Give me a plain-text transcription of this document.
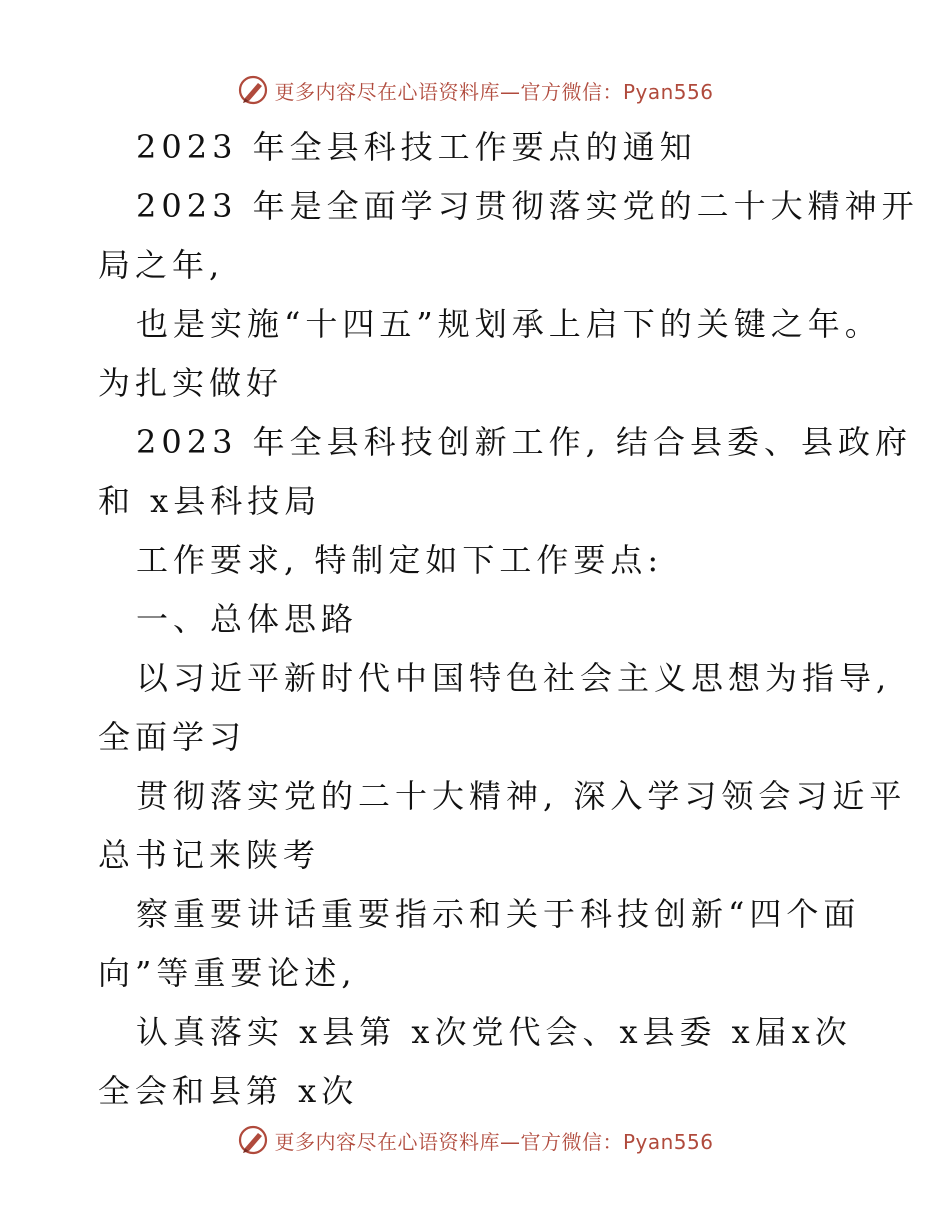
更多内容尽在心语资料库—官方微信：Pyan556
2023 年全县科技工作要点的通知
2023 年是全面学习贯彻落实党的二十大精神开
局之年,
也是实施“十四五”规划承上启下的关键之年。
为扎实做好
2023 年全县科技创新工作, 结合县委、县政府
和 x县科技局
工作要求, 特制定如下工作要点:
一、总体思路
以习近平新时代中国特色社会主义思想为指导,
全面学习
贯彻落实党的二十大精神, 深入学习领会习近平
总书记来陕考
察重要讲话重要指示和关于科技创新“四个面
向”等重要论述,
认真落实 x县第 x次党代会、x县委 x届x次
全会和县第 x次
更多内容尽在心语资料库—官方微信：Pyan556
